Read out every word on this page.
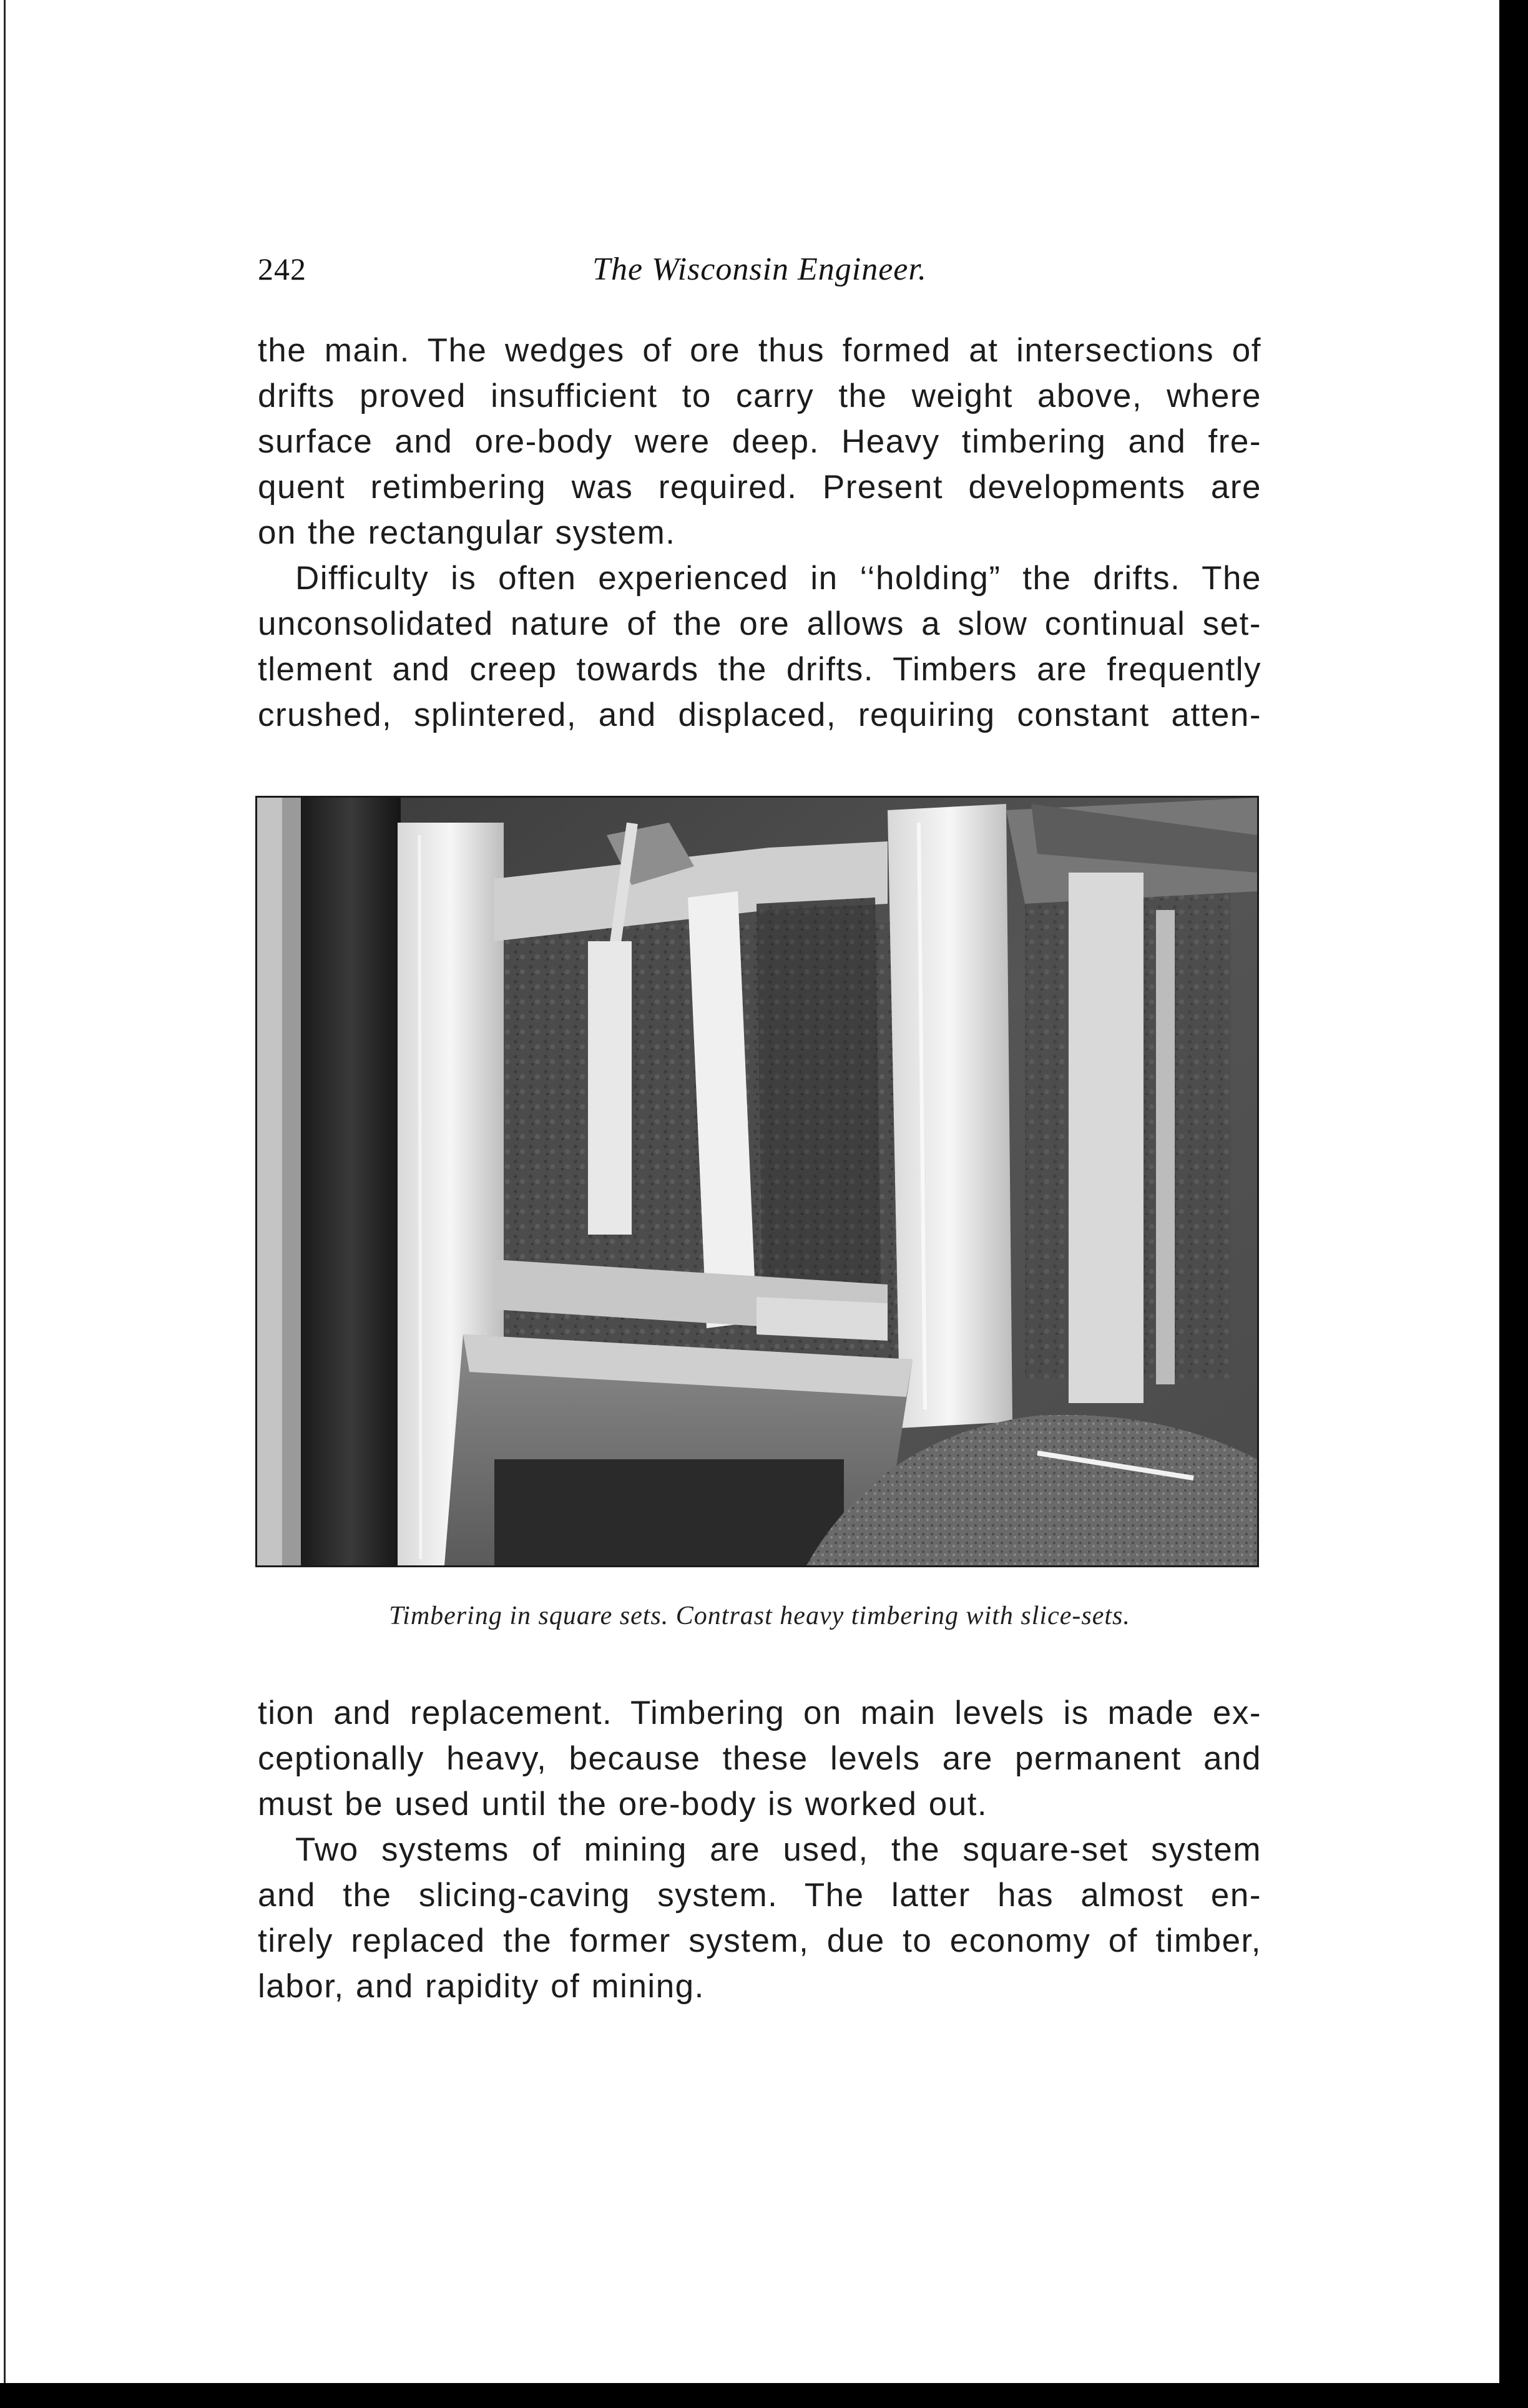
242	The Wisconsin Engineer.

the main. The wedges of ore thus formed at intersections of

drifts proved insufficient to carry the weight above, where

surface and ore-body were deep. Heavy timbering and fre-

quent retimbering was required. Present developments are

on the rectangular system.

Difficulty is often experienced in ‘‘holding” the drifts. The

unconsolidated nature of the ore allows a slow continual set-

tlement and creep towards the drifts. Timbers are frequently

crushed, splintered, and displaced, requiring constant atten-

Timbering in square sets. Contrast heavy timbering with slice-sets.

tion and replacement. Timbering on main levels is made ex-

ceptionally heavy, because these levels are permanent and

must be used until the ore-body is worked out.

Two systems of mining are used, the square-set system

and the slicing-caving system. The latter has almost en-

tirely replaced the former system, due to economy of timber,

labor, and rapidity of mining.
